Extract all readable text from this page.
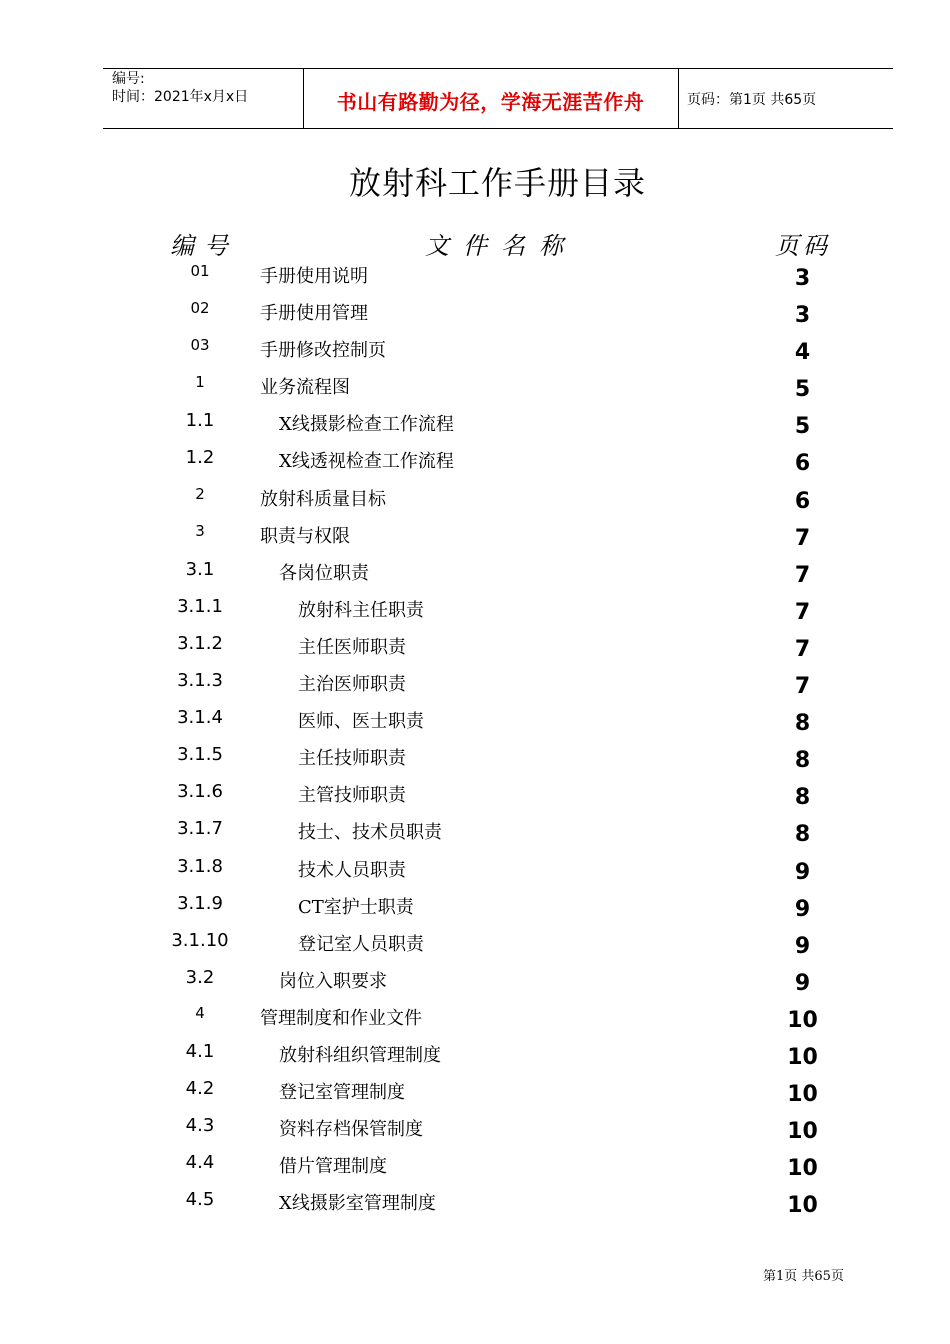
编号:
时间：2021年x月x日	书山有路勤为径，学海无涯苦作舟	页码：第1页 共65页
放射科工作手册目录
编号	文件名称	页码
01	手册使用说明	3
02	手册使用管理	3
03	手册修改控制页	4
1	业务流程图	5
1.1	X线摄影检查工作流程	5
1.2	X线透视检查工作流程	6
2	放射科质量目标	6
3	职责与权限	7
3.1	各岗位职责	7
3.1.1	放射科主任职责	7
3.1.2	主任医师职责	7
3.1.3	主治医师职责	7
3.1.4	医师、医士职责	8
3.1.5	主任技师职责	8
3.1.6	主管技师职责	8
3.1.7	技士、技术员职责	8
3.1.8	技术人员职责	9
3.1.9	CT室护士职责	9
3.1.10	登记室人员职责	9
3.2	岗位入职要求	9
4	管理制度和作业文件	10
4.1	放射科组织管理制度	10
4.2	登记室管理制度	10
4.3	资料存档保管制度	10
4.4	借片管理制度	10
4.5	X线摄影室管理制度	10
第1页 共65页
